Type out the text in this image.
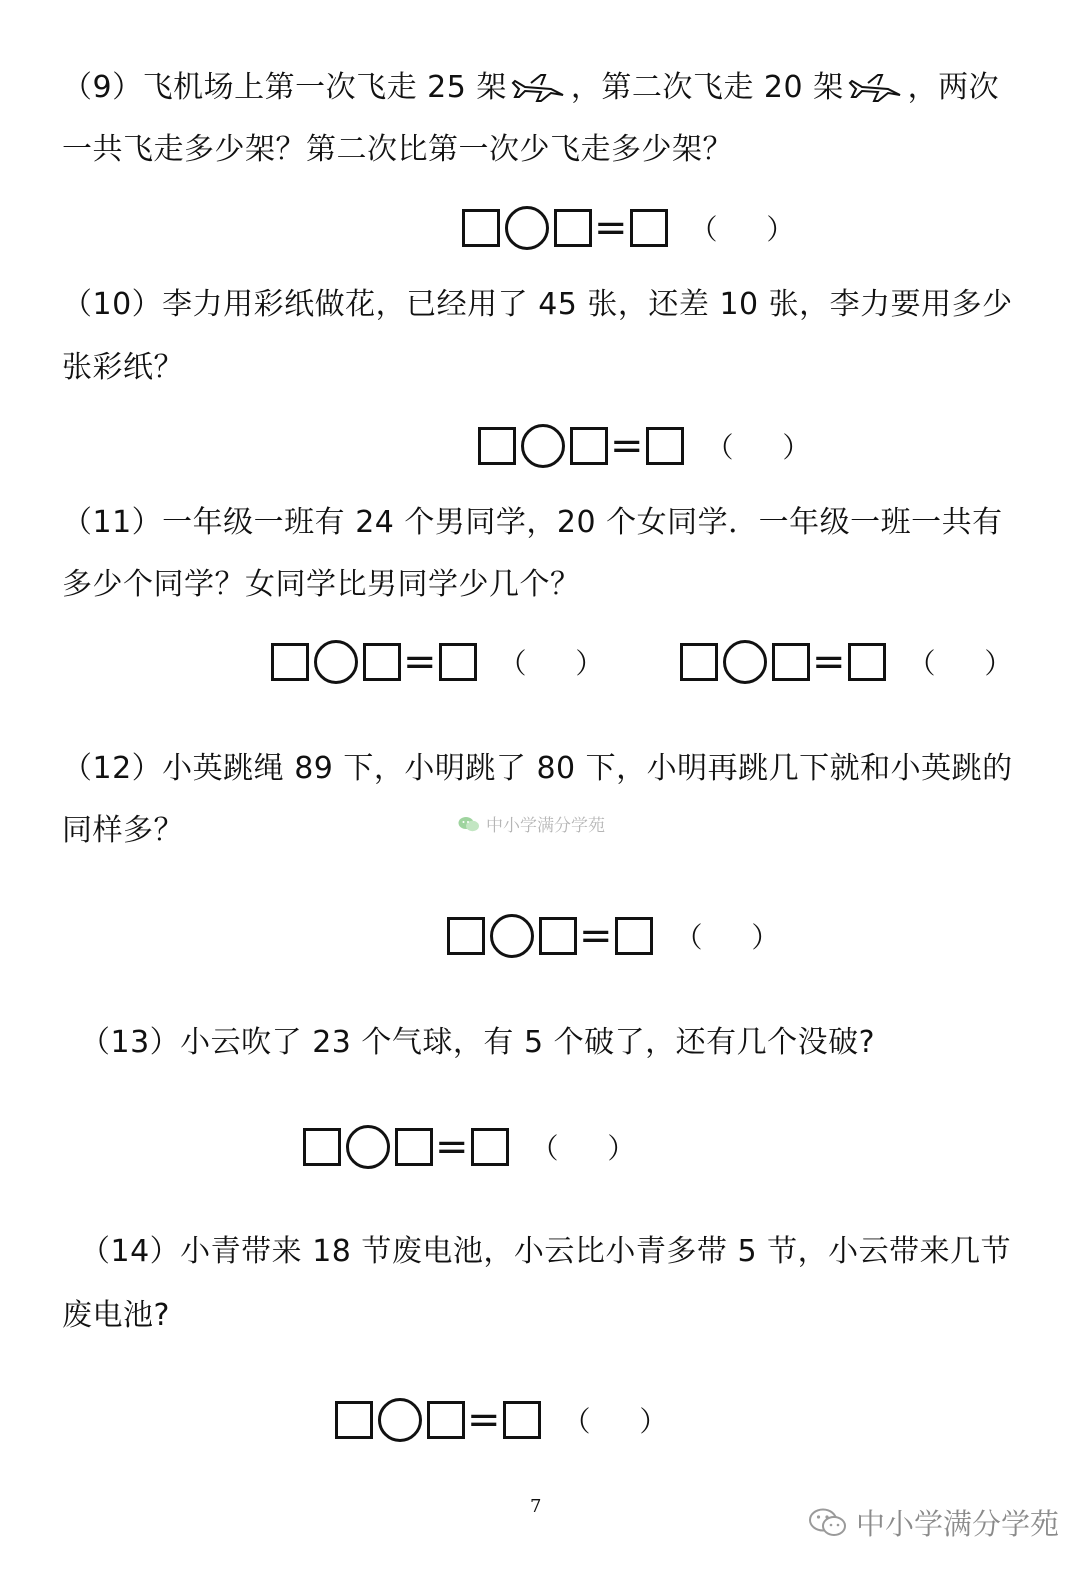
（9）飞机场上第一次飞走 25 架 ，第二次飞走 20 架 ，两次
一共飞走多少架？第二次比第一次少飞走多少架？
= （ ）
（10）李力用彩纸做花，已经用了 45 张，还差 10 张，李力要用多少
张彩纸？
= （ ）
（11）一年级一班有 24 个男同学，20 个女同学．一年级一班一共有
多少个同学？女同学比男同学少几个？
= （ ）	= （ ）
（12）小英跳绳 89 下，小明跳了 80 下，小明再跳几下就和小英跳的
同样多？	中小学满分学苑
= （ ）
（13）小云吹了 23 个气球，有 5 个破了，还有几个没破?
= （ ）
（14）小青带来 18 节废电池，小云比小青多带 5 节，小云带来几节
废电池?
= （ ）
7
中小学满分学苑
